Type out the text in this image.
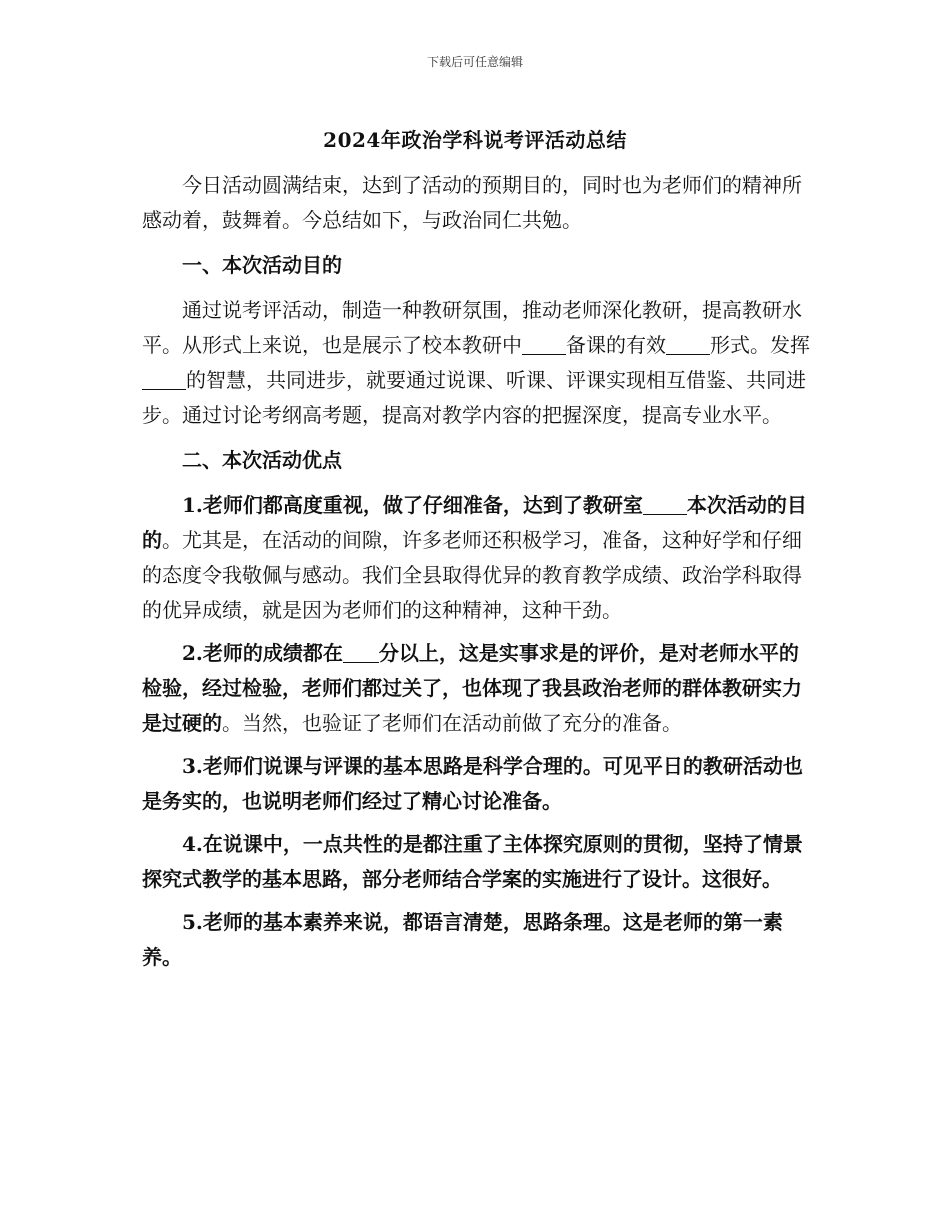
下载后可任意编辑
2024年政治学科说考评活动总结

今日活动圆满结束，达到了活动的预期目的，同时也为老师们的精神所感动着，鼓舞着。今总结如下，与政治同仁共勉。

一、本次活动目的

通过说考评活动，制造一种教研氛围，推动老师深化教研，提高教研水平。从形式上来说，也是展示了校本教研中 备课的有效 形式。发挥的智慧，共同进步，就要通过说课、听课、评课实现相互借鉴、共同进步。通过讨论考纲高考题，提高对教学内容的把握深度，提高专业水平。

二、本次活动优点

1.老师们都高度重视，做了仔细准备，达到了教研室 本次活动的目的。尤其是，在活动的间隙，许多老师还积极学习，准备，这种好学和仔细的态度令我敬佩与感动。我们全县取得优异的教育教学成绩、政治学科取得的优异成绩，就是因为老师们的这种精神，这种干劲。

2.老师的成绩都在 分以上，这是实事求是的评价，是对老师水平的检验，经过检验，老师们都过关了，也体现了我县政治老师的群体教研实力是过硬的。当然，也验证了老师们在活动前做了充分的准备。

3.老师们说课与评课的基本思路是科学合理的。可见平日的教研活动也是务实的，也说明老师们经过了精心讨论准备。

4.在说课中，一点共性的是都注重了主体探究原则的贯彻，坚持了情景探究式教学的基本思路，部分老师结合学案的实施进行了设计。这很好。

5.老师的基本素养来说，都语言清楚，思路条理。这是老师的第一素养。
